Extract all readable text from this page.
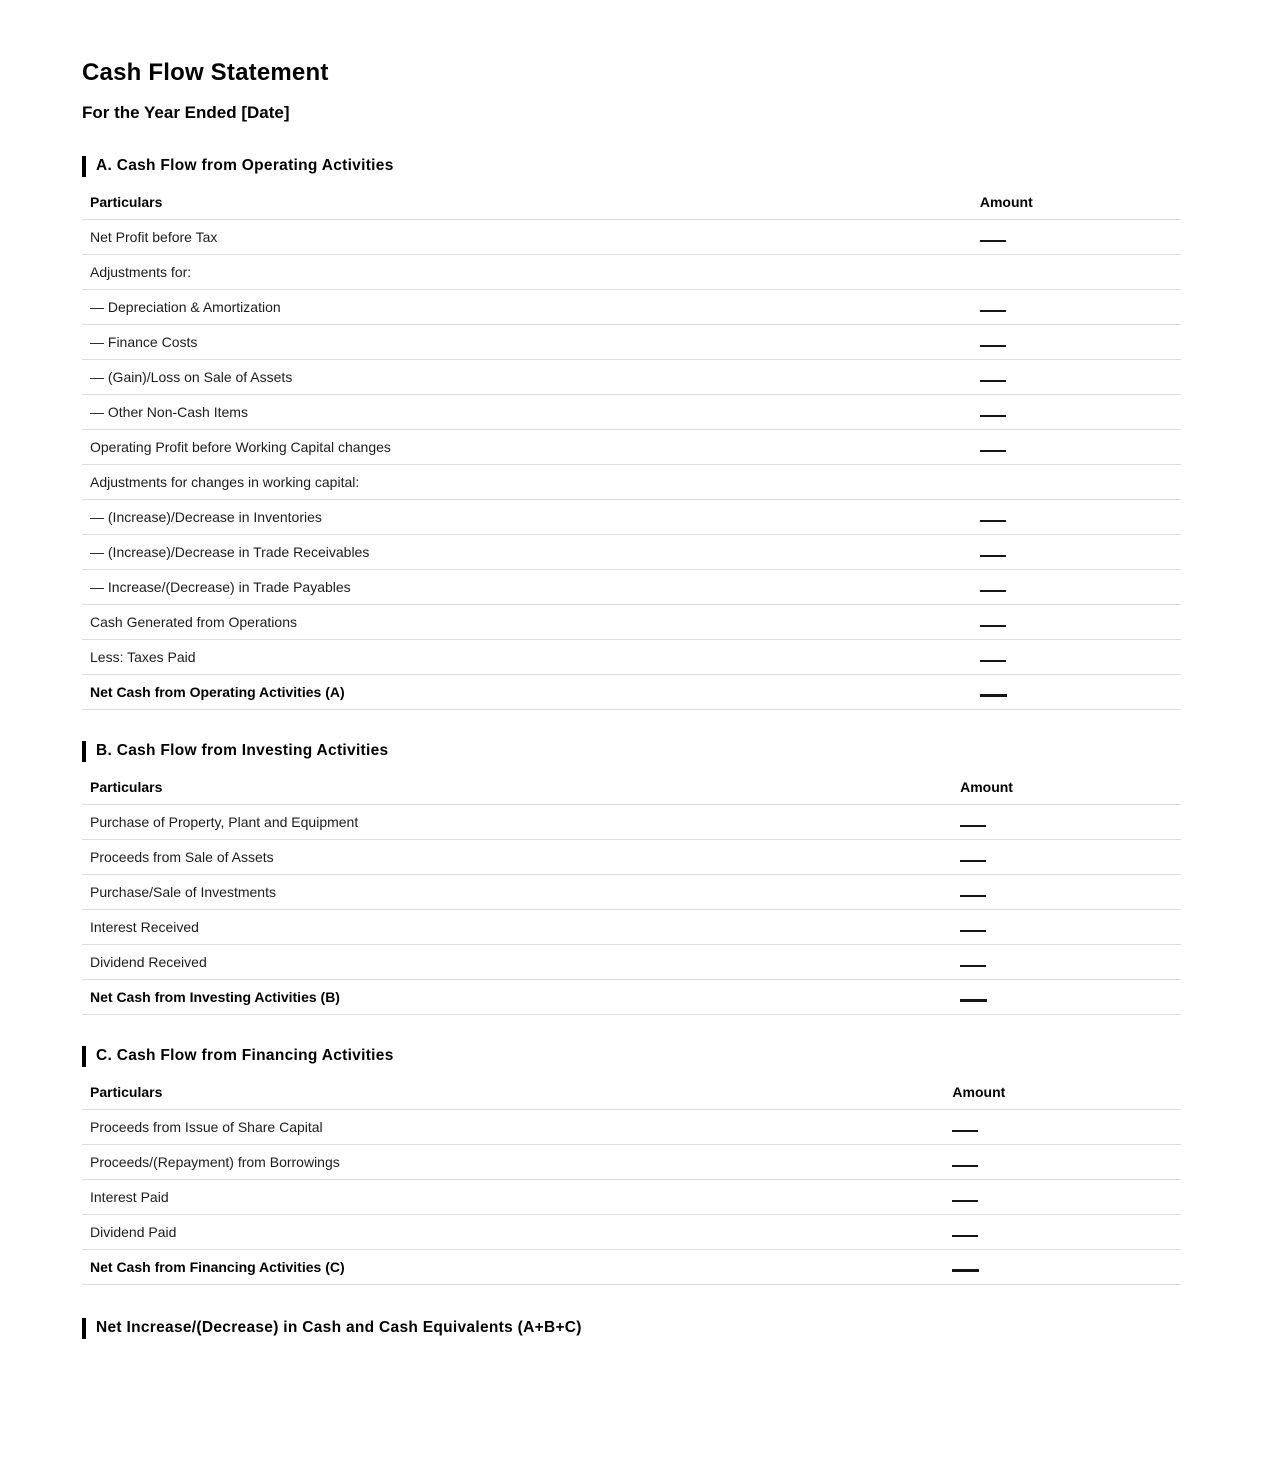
Cash Flow Statement
For the Year Ended [Date]
A. Cash Flow from Operating Activities
Particulars	Amount
Net Profit before Tax	
Adjustments for:	
— Depreciation & Amortization	
— Finance Costs	
— (Gain)/Loss on Sale of Assets	
— Other Non-Cash Items	
Operating Profit before Working Capital changes	
Adjustments for changes in working capital:	
— (Increase)/Decrease in Inventories	
— (Increase)/Decrease in Trade Receivables	
— Increase/(Decrease) in Trade Payables	
Cash Generated from Operations	
Less: Taxes Paid	
Net Cash from Operating Activities (A)	
B. Cash Flow from Investing Activities
Particulars	Amount
Purchase of Property, Plant and Equipment	
Proceeds from Sale of Assets	
Purchase/Sale of Investments	
Interest Received	
Dividend Received	
Net Cash from Investing Activities (B)	
C. Cash Flow from Financing Activities
Particulars	Amount
Proceeds from Issue of Share Capital	
Proceeds/(Repayment) from Borrowings	
Interest Paid	
Dividend Paid	
Net Cash from Financing Activities (C)	
Net Increase/(Decrease) in Cash and Cash Equivalents (A+B+C)
